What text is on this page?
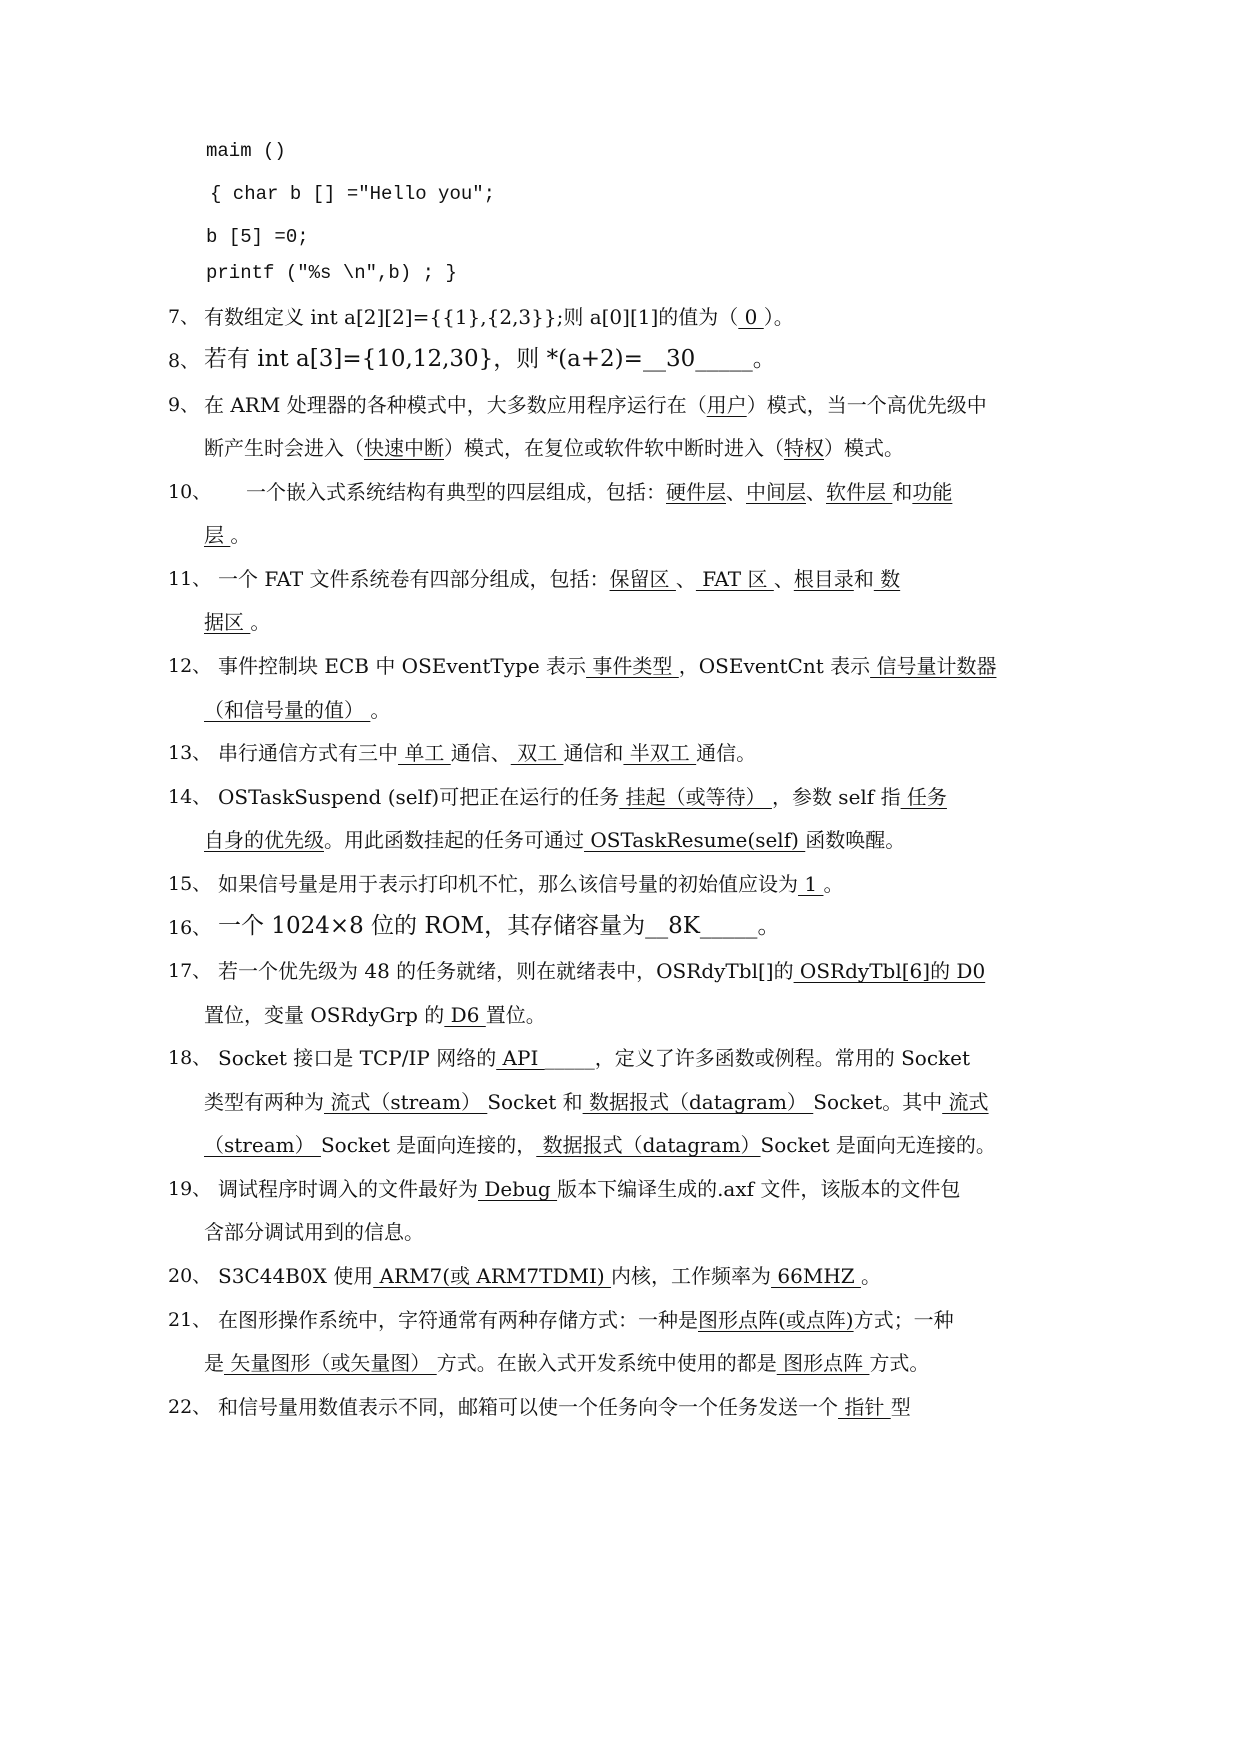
maim ()
{ char b [] ="Hello you";
b [5] =0;
printf ("%s \n",b) ; }
7、 有数组定义 int a[2][2]={{1},{2,3}};则 a[0][1]的值为（ 0 ）。
8、 若有 int a[3]={10,12,30}，则 *(a+2)=__30_____。
9、 在 ARM 处理器的各种模式中，大多数应用程序运行在（用户）模式，当一个高优先级中
断产生时会进入（快速中断）模式，在复位或软件软中断时进入（特权）模式。
10、 一个嵌入式系统结构有典型的四层组成，包括：硬件层、中间层、软件层 和功能
层 。
11、 一个 FAT 文件系统卷有四部分组成，包括：保留区 、 FAT 区 、根目录和 数
据区 。
12、 事件控制块 ECB 中 OSEventType 表示 事件类型 ，OSEventCnt 表示 信号量计数器
（和信号量的值） 。
13、 串行通信方式有三中 单工 通信、 双工 通信和 半双工 通信。
14、 OSTaskSuspend (self)可把正在运行的任务 挂起（或等待） ，参数 self 指 任务
自身的优先级。用此函数挂起的任务可通过 OSTaskResume(self) 函数唤醒。
15、 如果信号量是用于表示打印机不忙，那么该信号量的初始值应设为 1 。
16、 一个 1024×8 位的 ROM，其存储容量为__8K_____。
17、 若一个优先级为 48 的任务就绪，则在就绪表中，OSRdyTbl[]的 OSRdyTbl[6]的 D0
置位，变量 OSRdyGrp 的 D6 置位。
18、 Socket 接口是 TCP/IP 网络的 API _____，定义了许多函数或例程。常用的 Socket
类型有两种为 流式（stream） Socket 和 数据报式（datagram） Socket。其中 流式
（stream） Socket 是面向连接的， 数据报式（datagram）Socket 是面向无连接的。
19、 调试程序时调入的文件最好为 Debug 版本下编译生成的.axf 文件，该版本的文件包
含部分调试用到的信息。
20、 S3C44B0X 使用 ARM7(或 ARM7TDMI) 内核，工作频率为 66MHZ 。
21、 在图形操作系统中，字符通常有两种存储方式：一种是图形点阵(或点阵)方式；一种
是 矢量图形（或矢量图） 方式。在嵌入式开发系统中使用的都是 图形点阵 方式。
22、 和信号量用数值表示不同，邮箱可以使一个任务向令一个任务发送一个 指针 型
